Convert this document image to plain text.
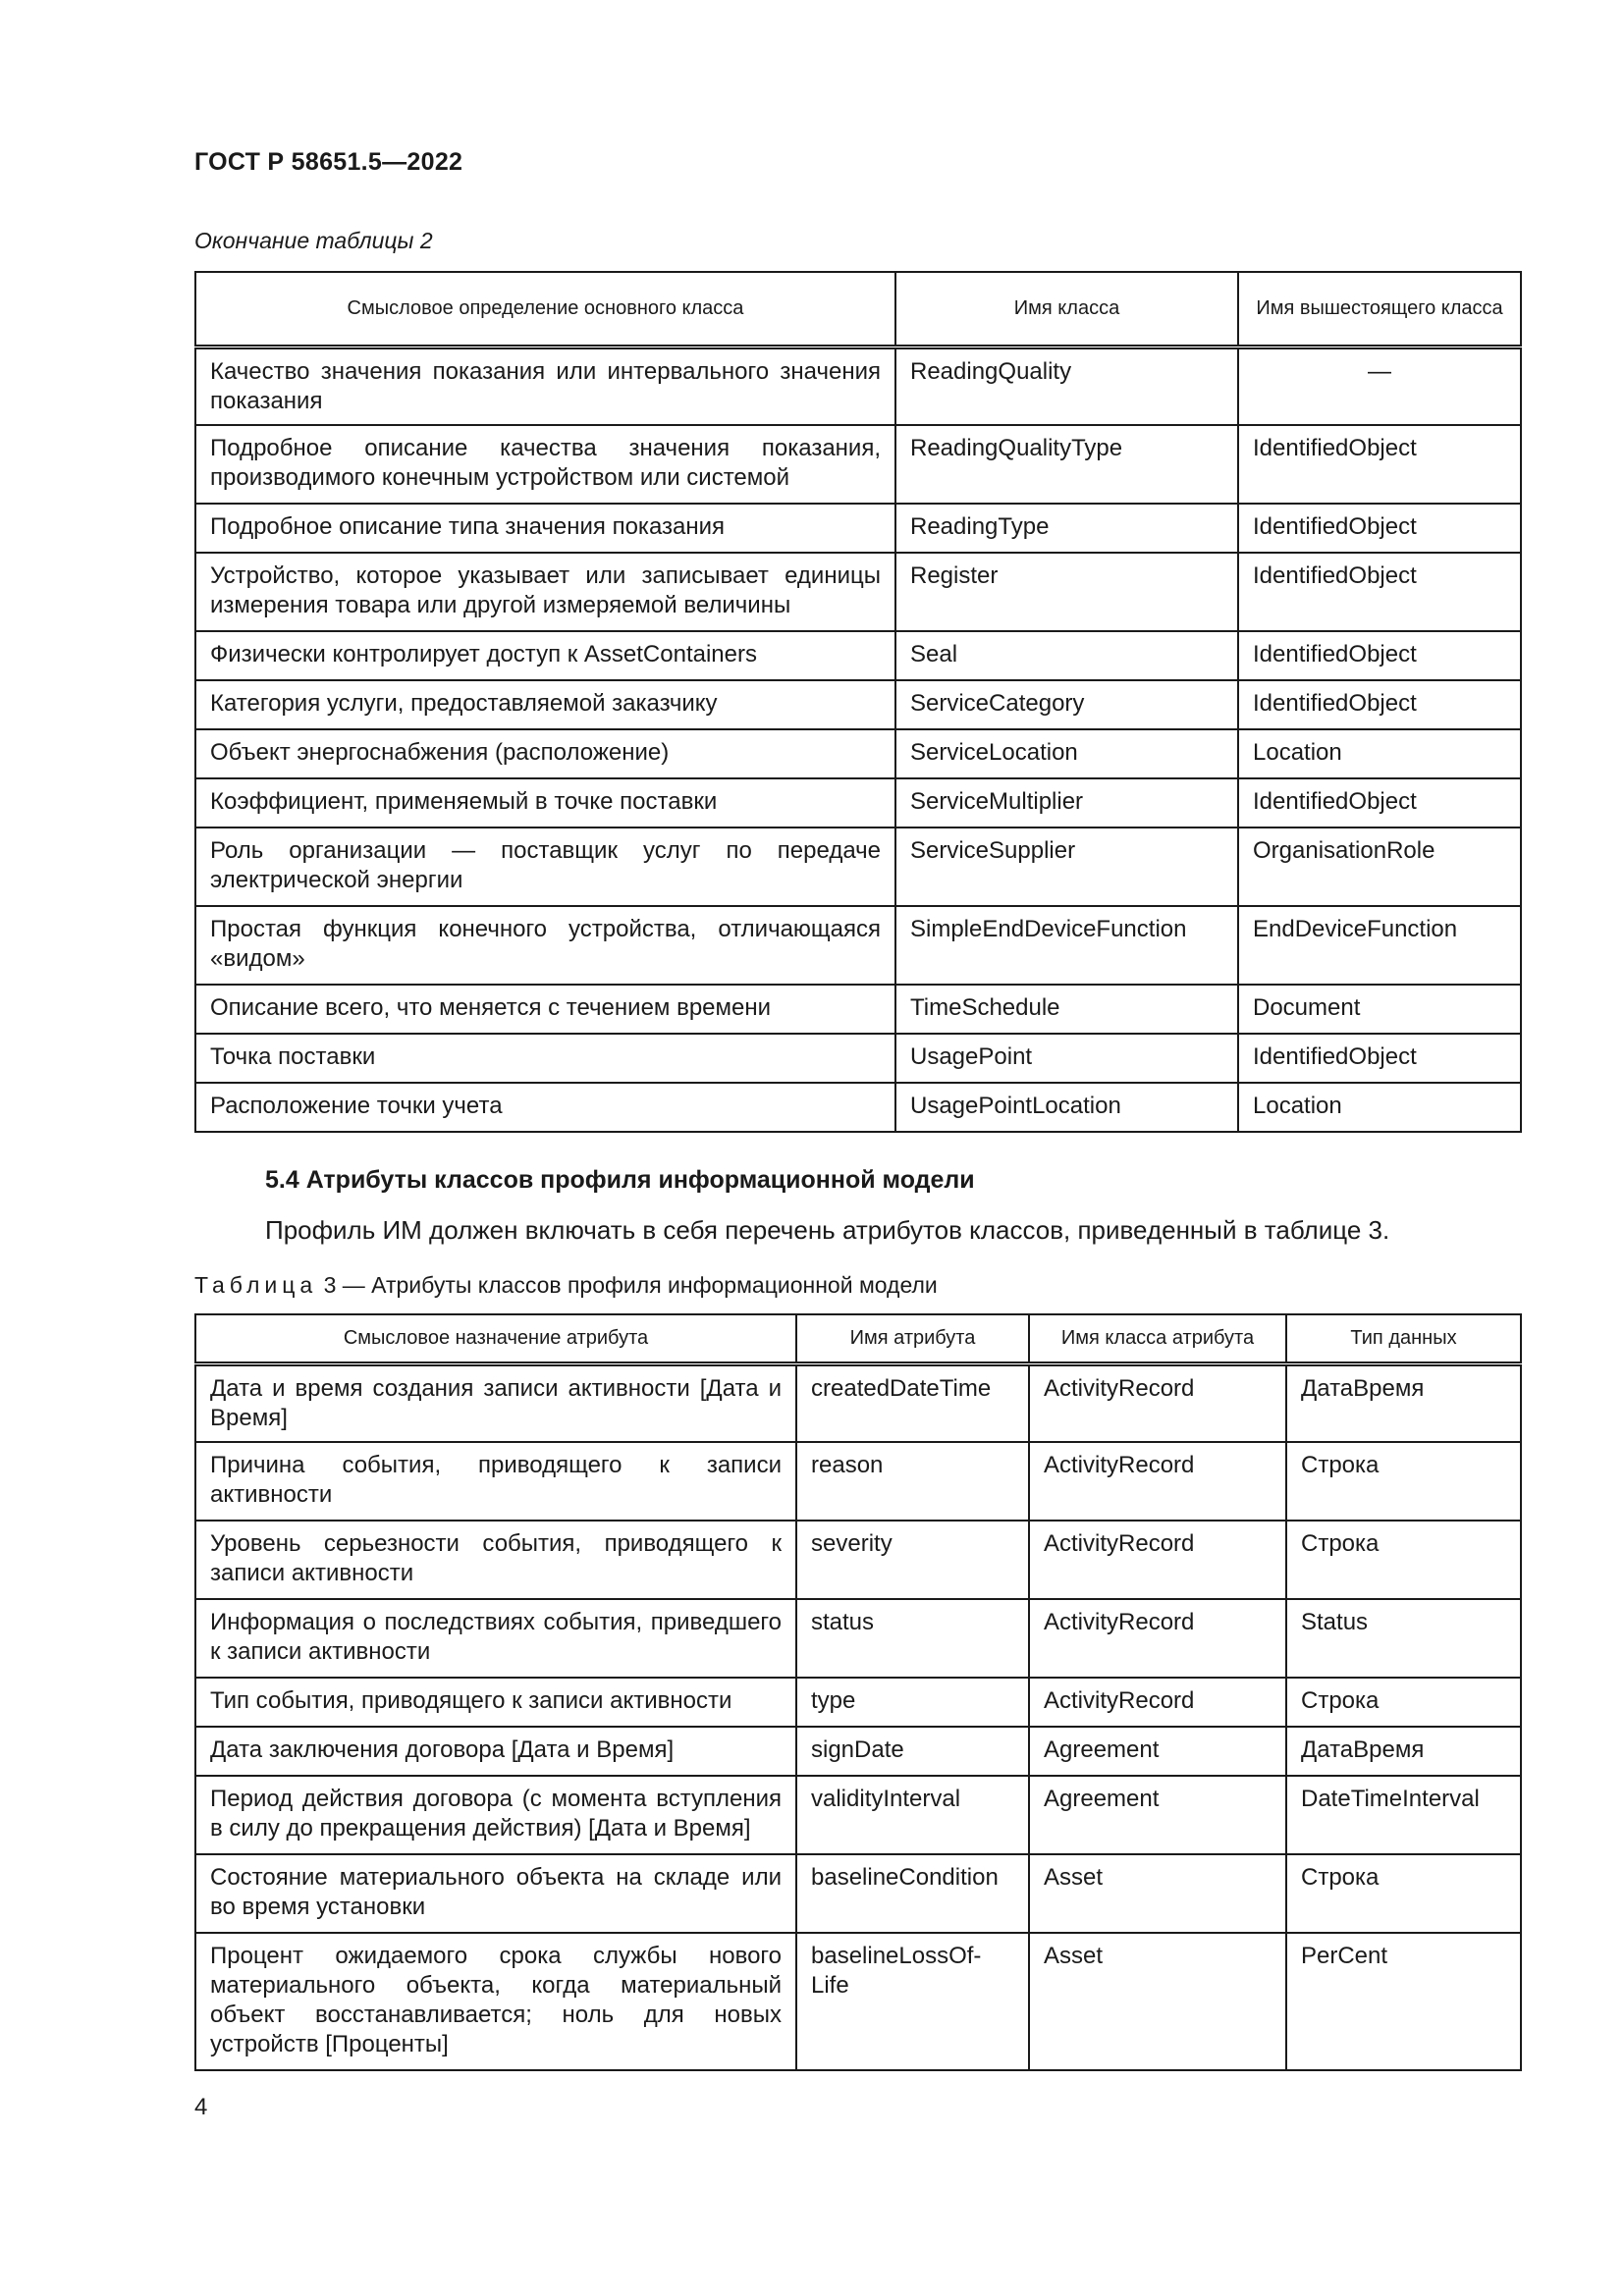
ГОСТ Р 58651.5—2022
Окончание таблицы 2
Смысловое определение основного класса	Имя класса	Имя вышестоящего класса
Качество значения показания или интервального значения показания	ReadingQuality	—
Подробное описание качества значения показания, производимого конечным устройством или системой	ReadingQualityType	IdentifiedObject
Подробное описание типа значения показания	ReadingType	IdentifiedObject
Устройство, которое указывает или записывает единицы измерения товара или другой измеряемой величины	Register	IdentifiedObject
Физически контролирует доступ к AssetContainers	Seal	IdentifiedObject
Категория услуги, предоставляемой заказчику	ServiceCategory	IdentifiedObject
Объект энергоснабжения (расположение)	ServiceLocation	Location
Коэффициент, применяемый в точке поставки	ServiceMultiplier	IdentifiedObject
Роль организации — поставщик услуг по передаче электрической энергии	ServiceSupplier	OrganisationRole
Простая функция конечного устройства, отличающаяся «видом»	SimpleEndDeviceFunction	EndDeviceFunction
Описание всего, что меняется с течением времени	TimeSchedule	Document
Точка поставки	UsagePoint	IdentifiedObject
Расположение точки учета	UsagePointLocation	Location
5.4 Атрибуты классов профиля информационной модели
Профиль ИМ должен включать в себя перечень атрибутов классов, приведенный в таблице 3.
Таблица 3 — Атрибуты классов профиля информационной модели
Смысловое назначение атрибута	Имя атрибута	Имя класса атрибута	Тип данных
Дата и время создания записи активности [Дата и Время]	createdDateTime	ActivityRecord	ДатаВремя
Причина события, приводящего к записи активности	reason	ActivityRecord	Строка
Уровень серьезности события, приводящего к записи активности	severity	ActivityRecord	Строка
Информация о последствиях события, приведшего к записи активности	status	ActivityRecord	Status
Тип события, приводящего к записи активности	type	ActivityRecord	Строка
Дата заключения договора [Дата и Время]	signDate	Agreement	ДатаВремя
Период действия договора (с момента вступления в силу до прекращения действия) [Дата и Время]	validityInterval	Agreement	DateTimeInterval
Состояние материального объекта на складе или во время установки	baselineCondition	Asset	Строка
Процент ожидаемого срока службы нового материального объекта, когда материальный объект восстанавливается; ноль для новых устройств [Проценты]	baselineLossOf-Life	Asset	PerCent
4
